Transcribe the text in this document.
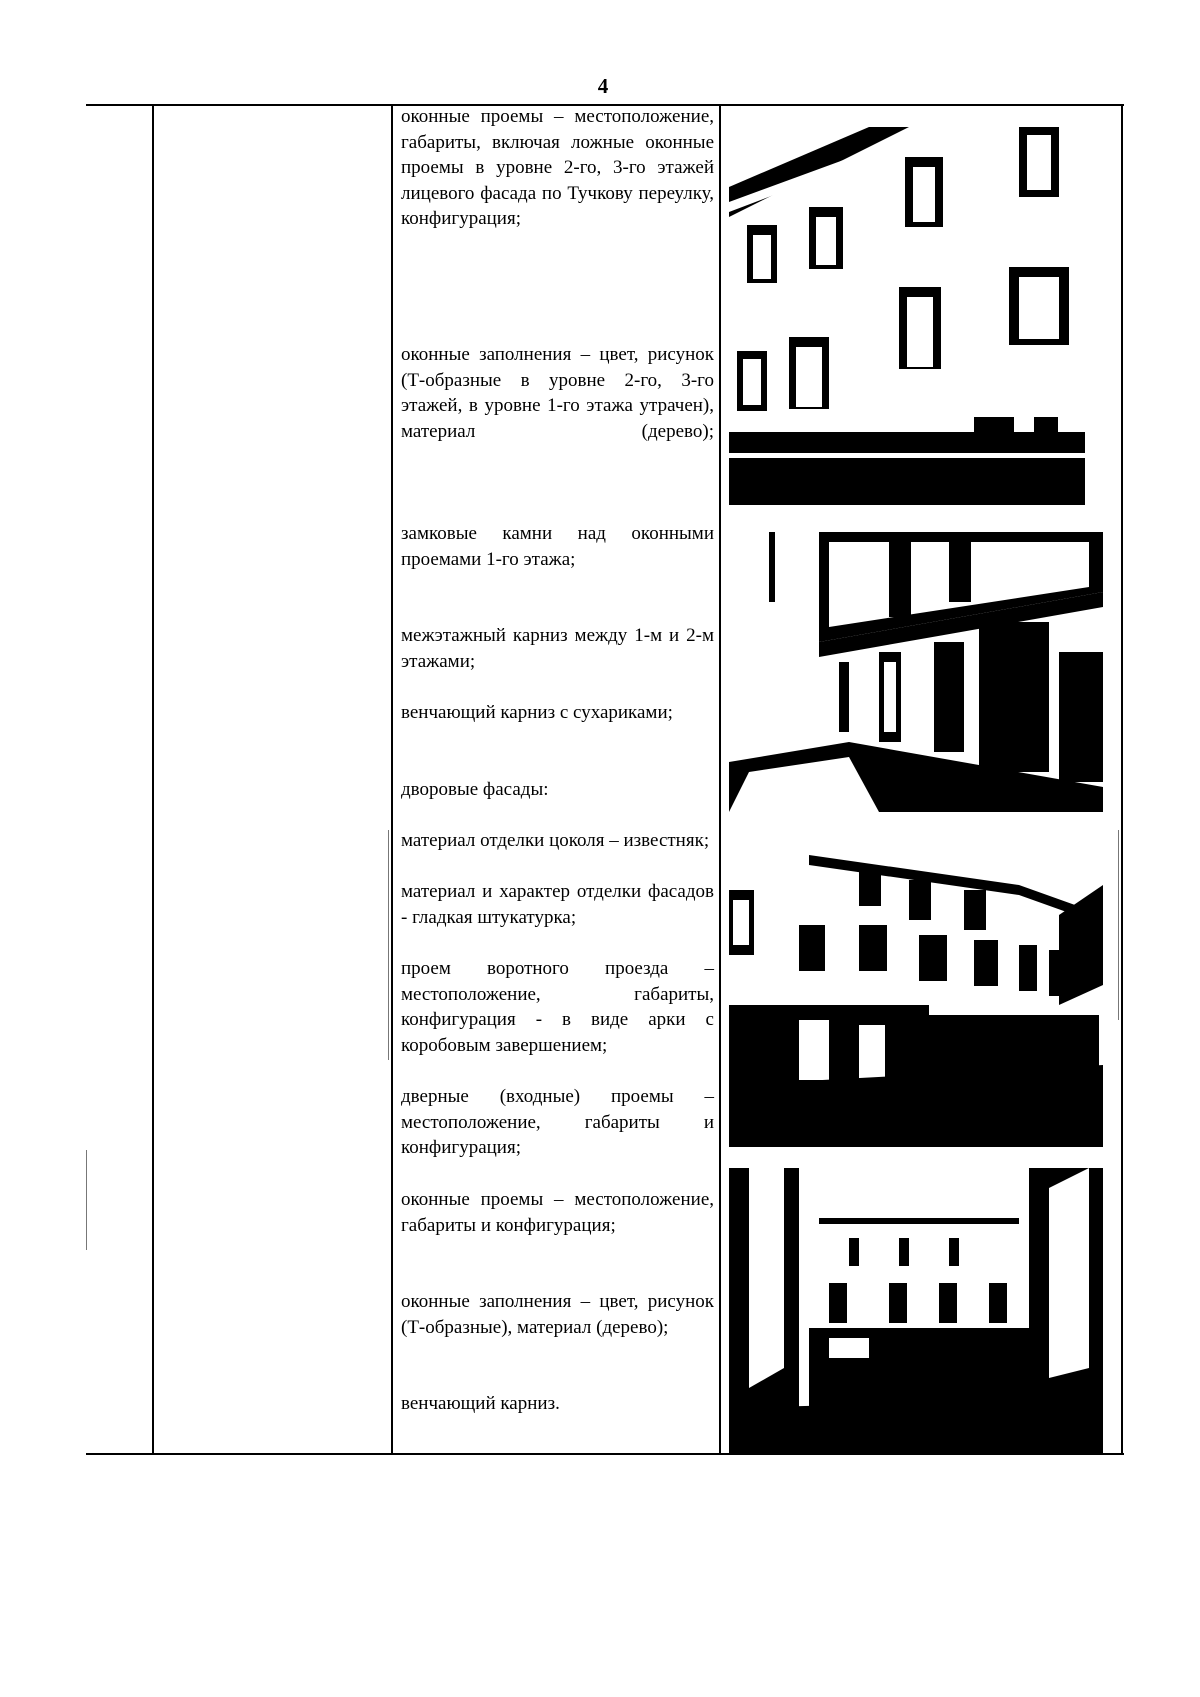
4
оконные проемы – местоположение, габариты, включая ложные оконные проемы в уровне 2-го, 3-го этажей лицевого фасада по Тучкову переулку, конфигурация;
оконные заполнения – цвет, рисунок (Т-образные в уровне 2-го, 3-го этажей, в уровне 1-го этажа утрачен), материал (дерево);
замковые камни над оконными проемами 1-го этажа;
межэтажный карниз между 1-м и 2-м этажами;
венчающий карниз с сухариками;
дворовые фасады:
материал отделки цоколя – известняк;
материал и характер отделки фасадов - гладкая штукатурка;
проем воротного проезда – местоположение, габариты, конфигурация - в виде арки с коробовым завершением;
дверные (входные) проемы – местоположение, габариты и конфигурация;
оконные проемы – местоположение, габариты и конфигурация;
оконные заполнения – цвет, рисунок (Т-образные), материал (дерево);
венчающий карниз.
